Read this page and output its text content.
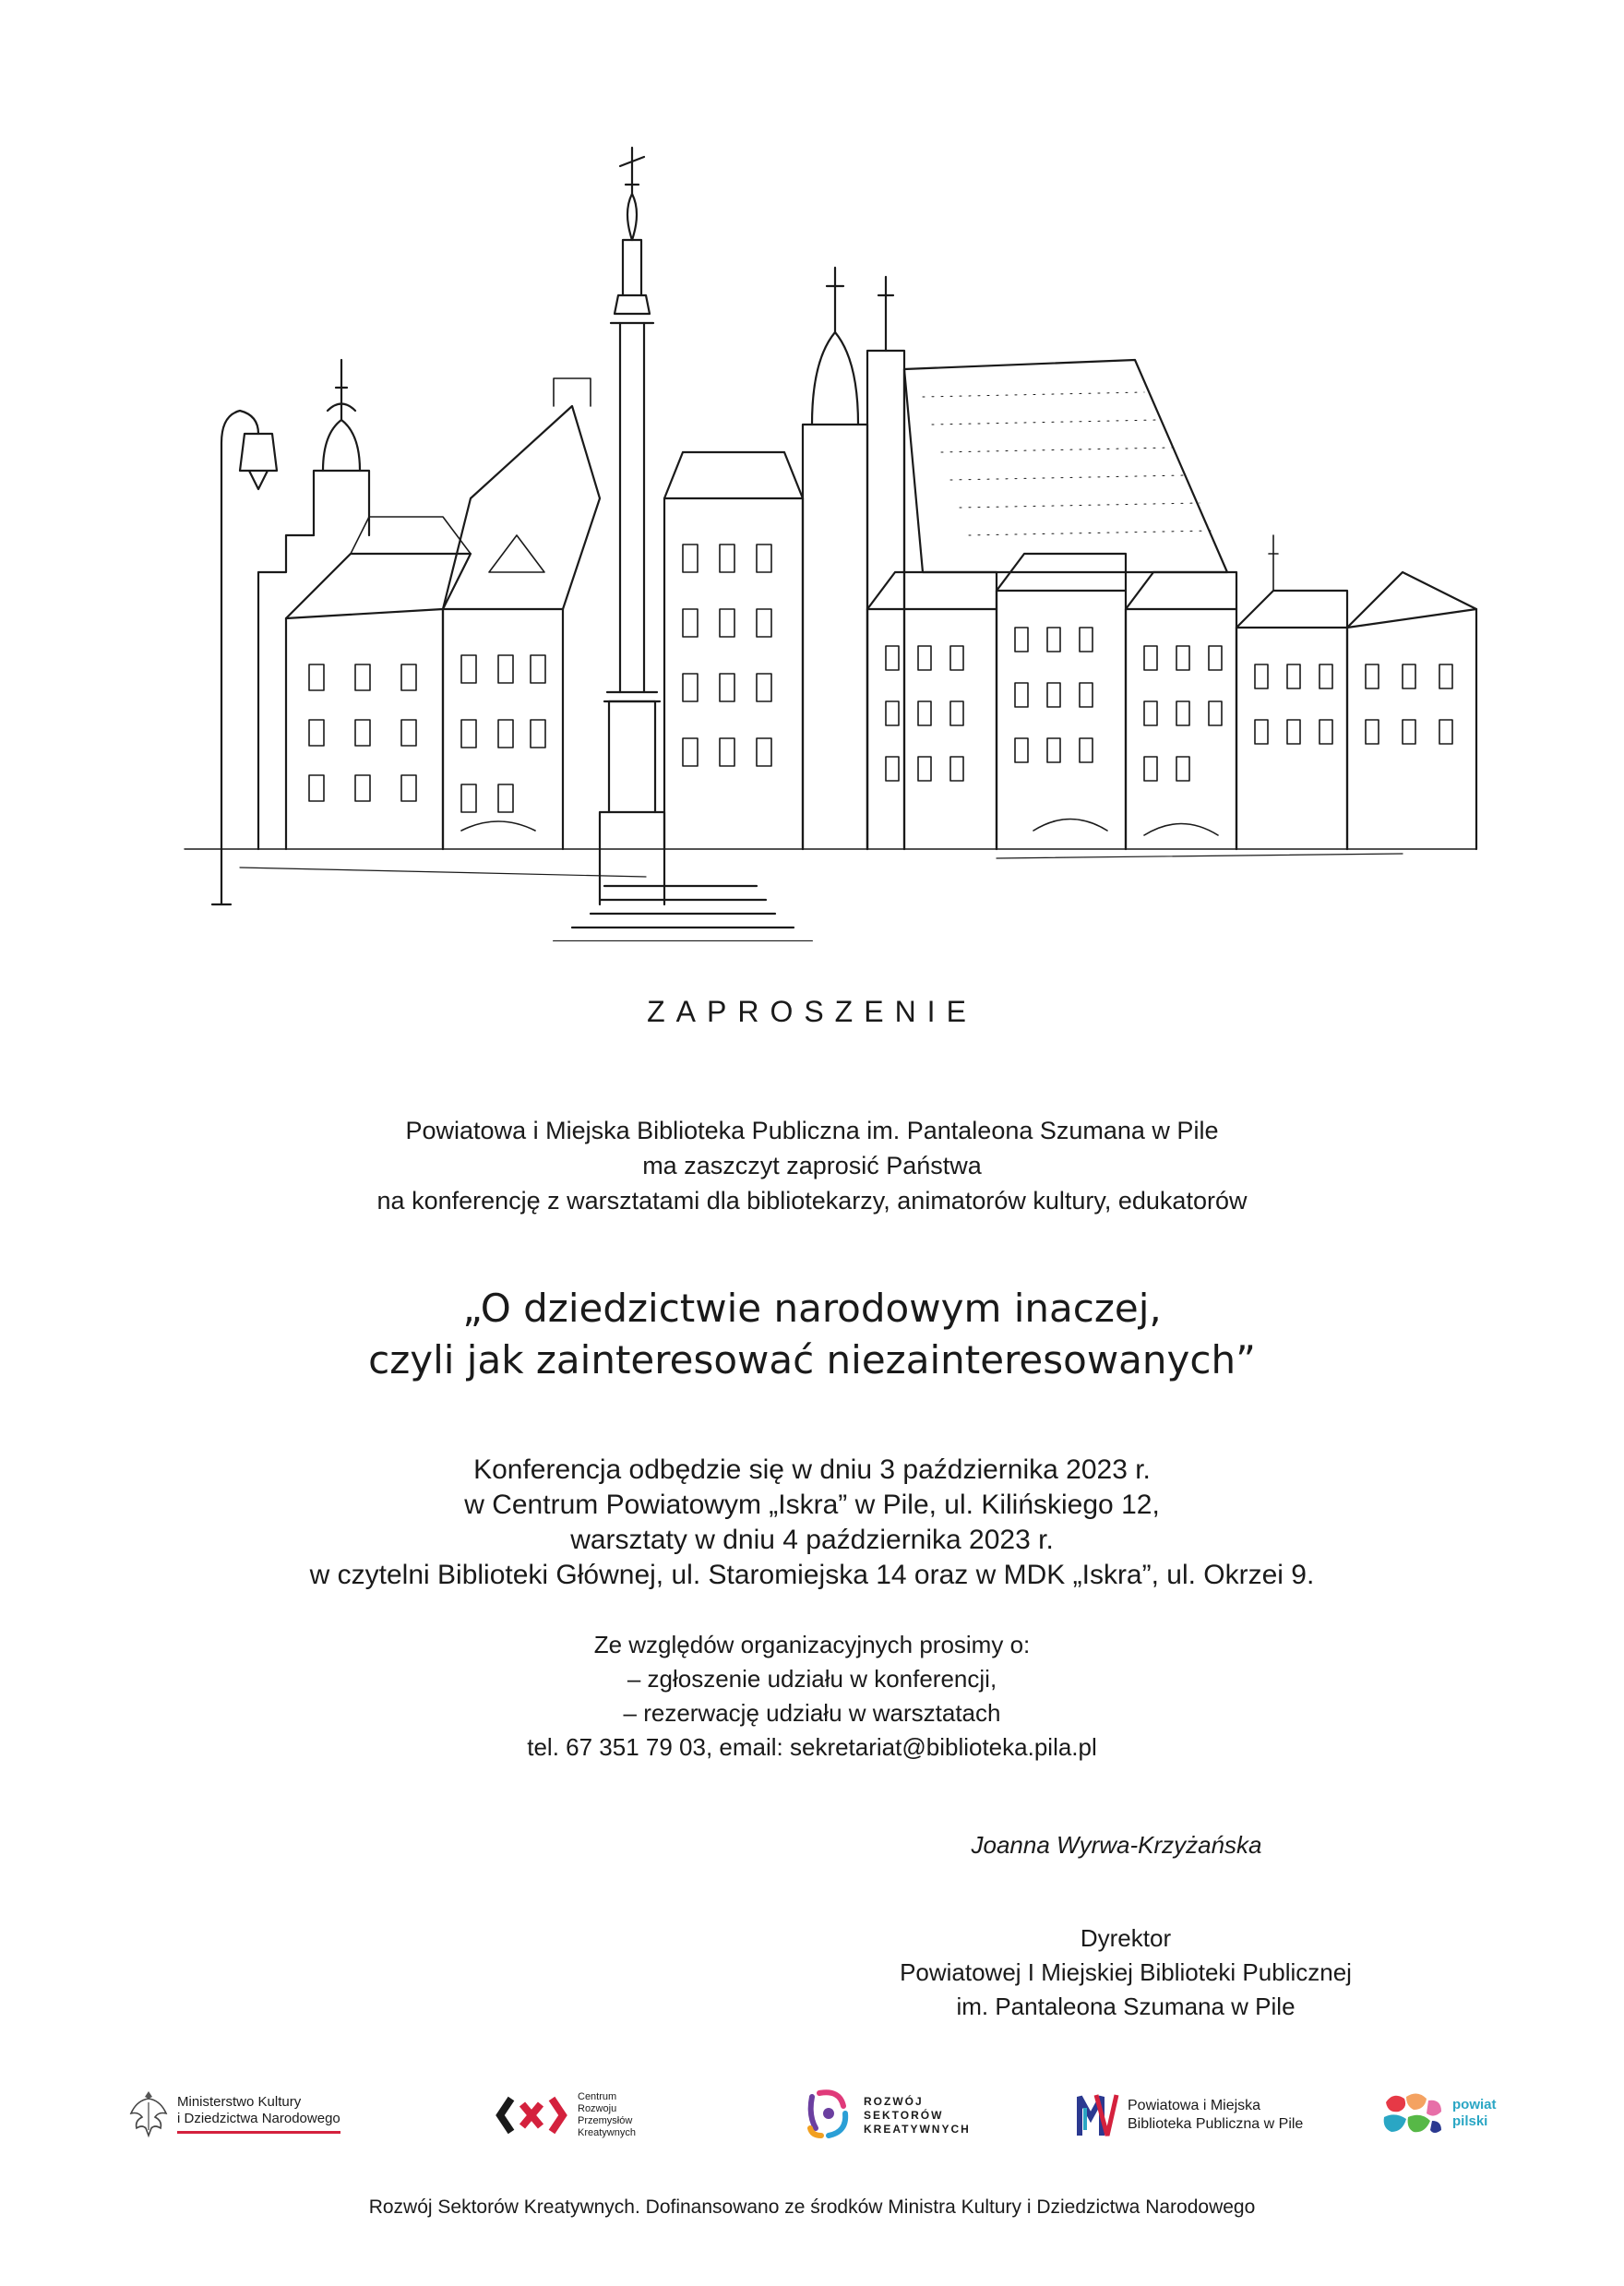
ZAPROSZENIE
Powiatowa i Miejska Biblioteka Publiczna im. Pantaleona Szumana w Pile
ma zaszczyt zaprosić Państwa
na konferencję z warsztatami dla bibliotekarzy, animatorów kultury, edukatorów
„O dziedzictwie narodowym inaczej,
czyli jak zainteresować niezainteresowanych”
Konferencja odbędzie się w dniu 3 października 2023 r.
w Centrum Powiatowym „Iskra” w Pile, ul. Kilińskiego 12,
warsztaty w dniu 4 października 2023 r.
w czytelni Biblioteki Głównej, ul. Staromiejska 14 oraz w MDK „Iskra”, ul. Okrzei 9.
Ze względów organizacyjnych prosimy o:
– zgłoszenie udziału w konferencji,
– rezerwację udziału w warsztatach
tel. 67 351 79 03, email: sekretariat@biblioteka.pila.pl
Joanna Wyrwa-Krzyżańska
Dyrektor
Powiatowej I Miejskiej Biblioteki Publicznej
im. Pantaleona Szumana w Pile
Ministerstwo Kultury
i Dziedzictwa Narodowego
Centrum
Rozwoju
Przemysłów
Kreatywnych
ROZWÓJ
SEKTORÓW
KREATYWNYCH
Powiatowa i Miejska
Biblioteka Publiczna w Pile
powiat
pilski
Rozwój Sektorów Kreatywnych. Dofinansowano ze środków Ministra Kultury i Dziedzictwa Narodowego
